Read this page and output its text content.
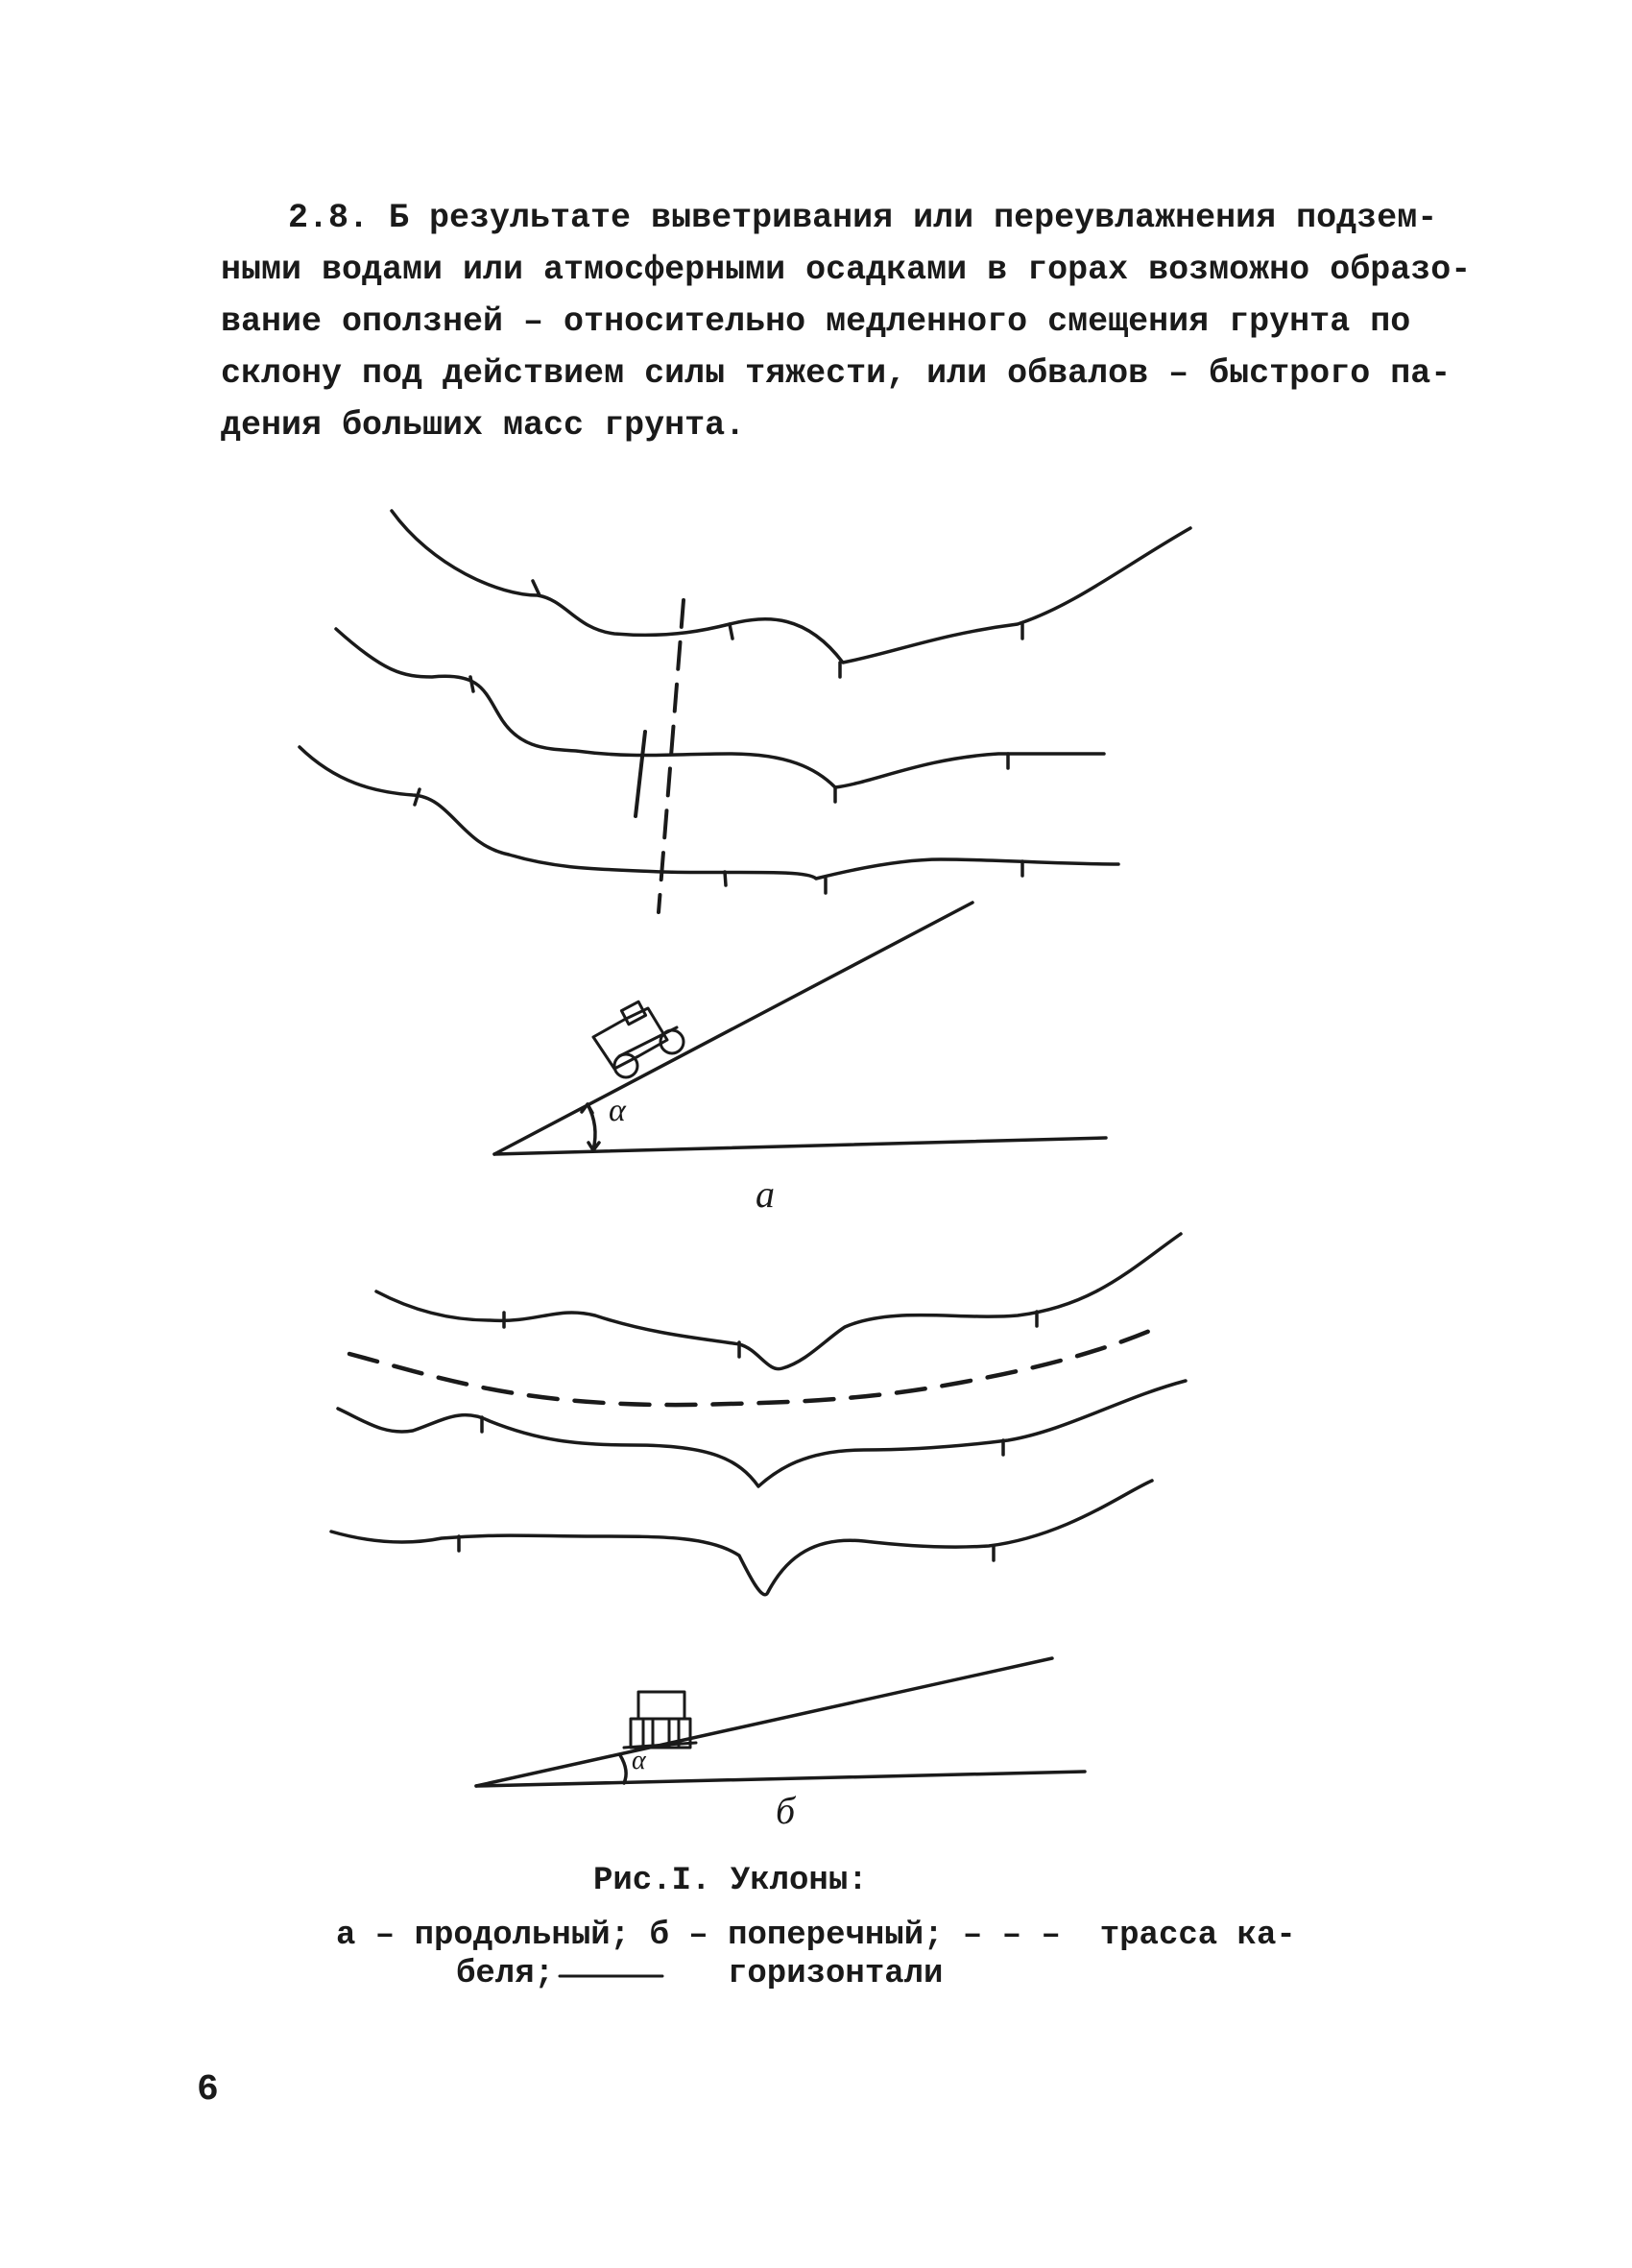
2.8. Б результате выветривания или переувлажнения подзем-
ными водами или атмосферными осадками в горах возможно образо-
вание оползней – относительно медленного смещения грунта по
склону под действием силы тяжести, или обвалов – быстрого па-
дения больших масс грунта.

а
α
б
α
Рис.I. Уклоны:
а – продольный; б – поперечный; – – –  трасса ка-
беля;	горизонтали
6
